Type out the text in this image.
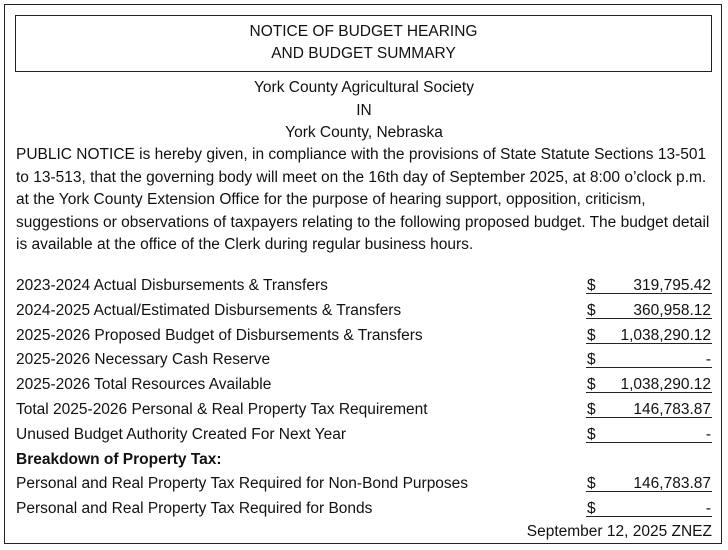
NOTICE OF BUDGET HEARING
AND BUDGET SUMMARY
York County Agricultural Society
IN
York County, Nebraska

PUBLIC NOTICE is hereby given, in compliance with the provisions of State Statute Sections 13-501 to 13-513, that the governing body will meet on the 16th day of September 2025, at 8:00 o’clock p.m. at the York County Extension Office for the purpose of hearing support, opposition, criticism, suggestions or observations of taxpayers relating to the following proposed budget. The budget detail is available at the office of the Clerk during regular business hours.

2023-2024 Actual Disbursements & Transfers	$ 319,795.42
2024-2025 Actual/Estimated Disbursements & Transfers	$ 360,958.12
2025-2026 Proposed Budget of Disbursements & Transfers	$ 1,038,290.12
2025-2026 Necessary Cash Reserve	$	-
2025-2026 Total Resources Available	$ 1,038,290.12
Total 2025-2026 Personal & Real Property Tax Requirement	$ 146,783.87
Unused Budget Authority Created For Next Year	$	-
Breakdown of Property Tax:
Personal and Real Property Tax Required for Non-Bond Purposes	$ 146,783.87
Personal and Real Property Tax Required for Bonds	$	-
September 12, 2025 ZNEZ
